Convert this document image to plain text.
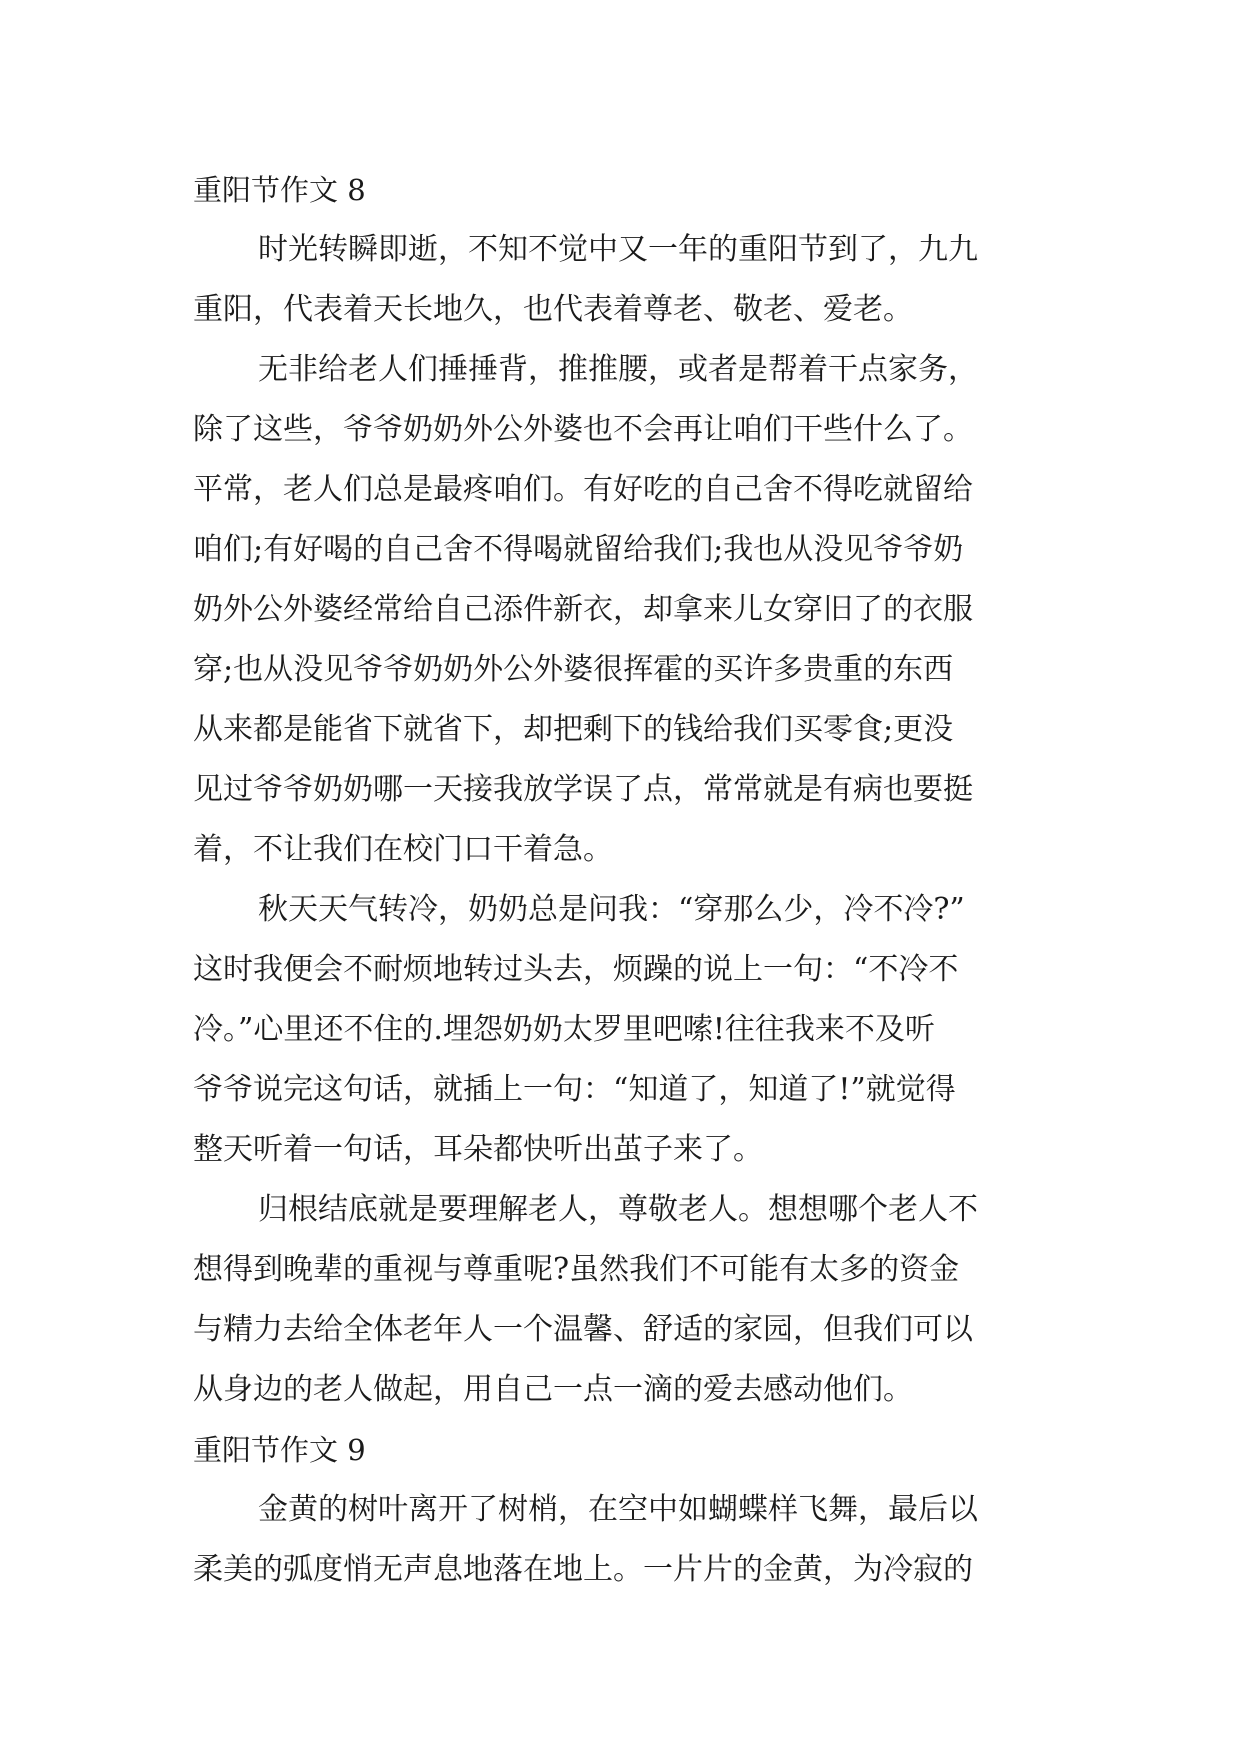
重阳节作文 8
时光转瞬即逝，不知不觉中又一年的重阳节到了，九九
重阳，代表着天长地久，也代表着尊老、敬老、爱老。
无非给老人们捶捶背，推推腰，或者是帮着干点家务，
除了这些，爷爷奶奶外公外婆也不会再让咱们干些什么了。
平常，老人们总是最疼咱们。有好吃的自己舍不得吃就留给
咱们;有好喝的自己舍不得喝就留给我们;我也从没见爷爷奶
奶外公外婆经常给自己添件新衣，却拿来儿女穿旧了的衣服
穿;也从没见爷爷奶奶外公外婆很挥霍的买许多贵重的东西
从来都是能省下就省下，却把剩下的钱给我们买零食;更没
见过爷爷奶奶哪一天接我放学误了点，常常就是有病也要挺
着，不让我们在校门口干着急。
秋天天气转冷，奶奶总是问我：“穿那么少，冷不冷?”
这时我便会不耐烦地转过头去，烦躁的说上一句：“不冷不
冷。”心里还不住的.埋怨奶奶太罗里吧嗦!往往我来不及听
爷爷说完这句话，就插上一句：“知道了，知道了!”就觉得
整天听着一句话，耳朵都快听出茧子来了。
归根结底就是要理解老人，尊敬老人。想想哪个老人不
想得到晚辈的重视与尊重呢?虽然我们不可能有太多的资金
与精力去给全体老年人一个温馨、舒适的家园，但我们可以
从身边的老人做起，用自己一点一滴的爱去感动他们。
重阳节作文 9
金黄的树叶离开了树梢，在空中如蝴蝶样飞舞，最后以
柔美的弧度悄无声息地落在地上。一片片的金黄，为冷寂的
